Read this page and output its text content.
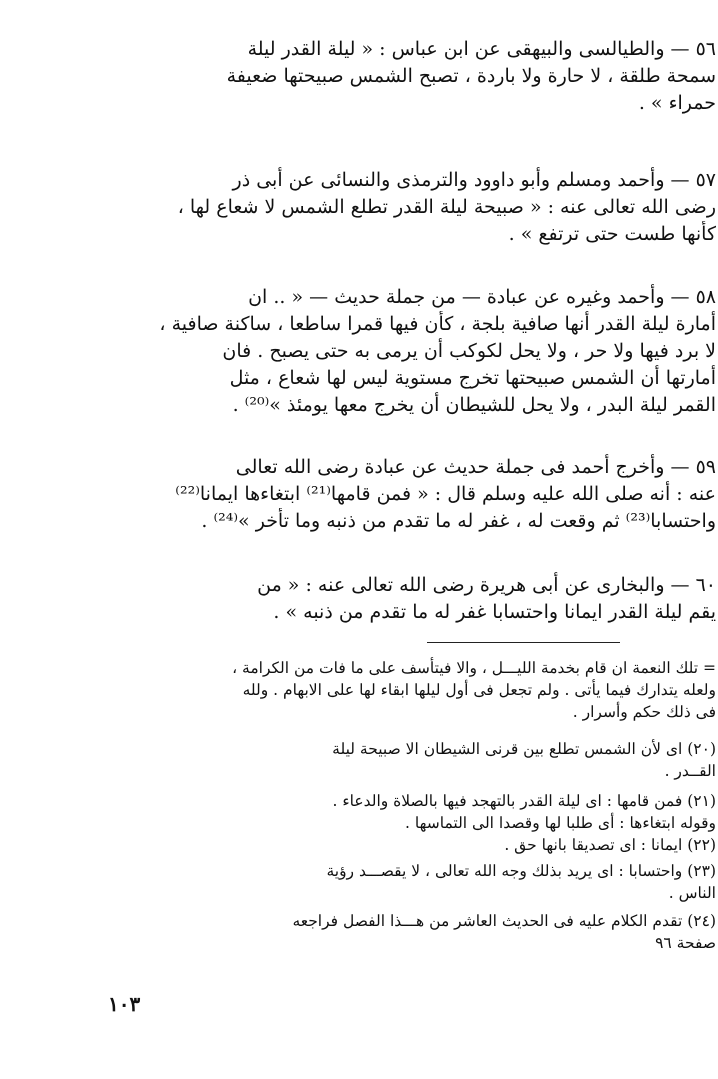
٥٦ — والطيالسى والبيهقى عن ابن عباس : « ليلة القدر ليلة
سمحة طلقة ، لا حارة ولا باردة ، تصبح الشمس صبيحتها ضعيفة
حمراء » .
٥٧ — وأحمد ومسلم وأبو داوود والترمذى والنسائى عن أبى ذر
رضى الله تعالى عنه : « صبيحة ليلة القدر تطلع الشمس لا شعاع لها ،
كأنها طست حتى ترتفع » .
٥٨ — وأحمد وغيره عن عبادة — من جملة حديث — « .. ان
أمارة ليلة القدر أنها صافية بلجة ، كأن فيها قمرا ساطعا ، ساكنة صافية ،
لا برد فيها ولا حر ، ولا يحل لكوكب أن يرمى به حتى يصبح . فان
أمارتها أن الشمس صبيحتها تخرج مستوية ليس لها شعاع ، مثل
القمر ليلة البدر ، ولا يحل للشيطان أن يخرج معها يومئذ »⁽²⁰⁾ .
٥٩ — وأخرج أحمد فى جملة حديث عن عبادة رضى الله تعالى
عنه : أنه صلى الله عليه وسلم قال : « فمن قامها⁽²¹⁾ ابتغاءها ايمانا⁽²²⁾
واحتسابا⁽²³⁾ ثم وقعت له ، غفر له ما تقدم من ذنبه وما تأخر »⁽²⁴⁾ .
٦٠ — والبخارى عن أبى هريرة رضى الله تعالى عنه : « من
يقم ليلة القدر ايمانا واحتسابا غفر له ما تقدم من ذنبه » .
= تلك النعمة ان قام بخدمة الليـــل ، والا فيتأسف على ما فات من الكرامة ،
ولعله يتدارك فيما يأتى . ولم تجعل فى أول ليلها ابقاء لها على الابهام . ولله
فى ذلك حكم وأسرار .
(٢٠) اى لأن الشمس تطلع بين قرنى الشيطان الا صبيحة ليلة
القــدر .
(٢١) فمن قامها : اى ليلة القدر بالتهجد فيها بالصلاة والدعاء .
وقوله ابتغاءها : أى طلبا لها وقصدا الى التماسها .
(٢٢) ايمانا : اى تصديقا بانها حق .
(٢٣) واحتسابا : اى يريد بذلك وجه الله تعالى ، لا يقصـــد رؤية
الناس .
(٢٤) تقدم الكلام عليه فى الحديث العاشر من هـــذا الفصل فراجعه
صفحة ٩٦
١٠٣
